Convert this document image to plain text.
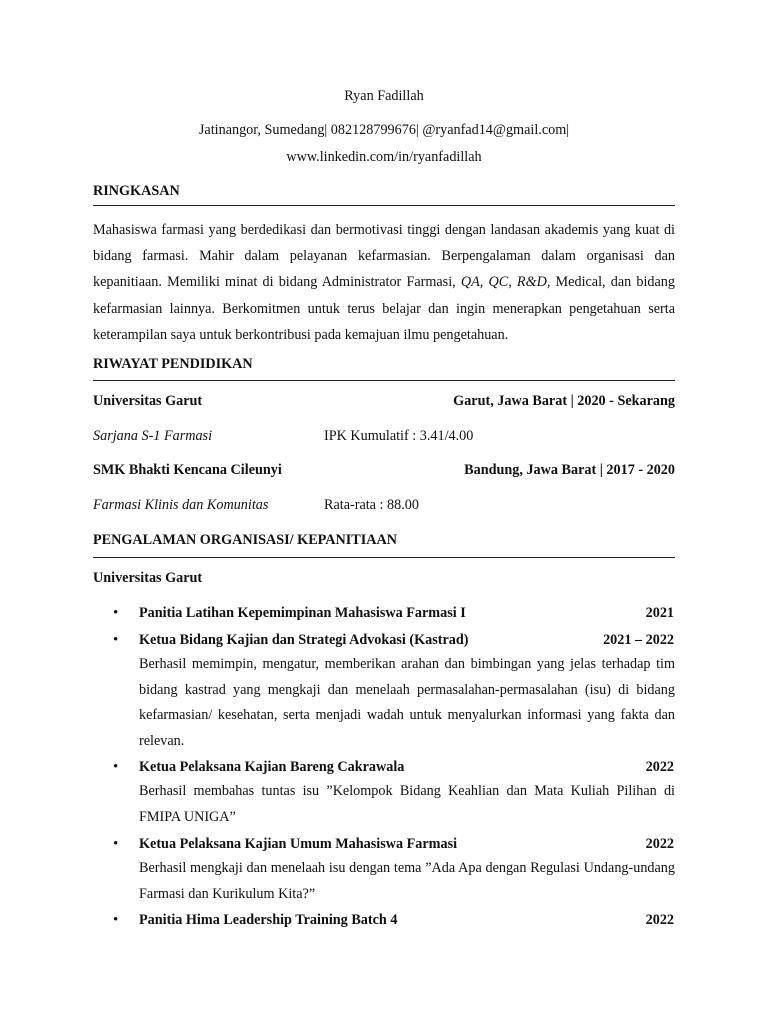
Ryan Fadillah
Jatinangor, Sumedang| 082128799676| @ryanfad14@gmail.com|
www.linkedin.com/in/ryanfadillah
RINGKASAN
Mahasiswa farmasi yang berdedikasi dan bermotivasi tinggi dengan landasan akademis yang kuat di bidang farmasi. Mahir dalam pelayanan kefarmasian. Berpengalaman dalam organisasi dan kepanitiaan. Memiliki minat di bidang Administrator Farmasi, QA, QC, R&D, Medical, dan bidang kefarmasian lainnya. Berkomitmen untuk terus belajar dan ingin menerapkan pengetahuan serta keterampilan saya untuk berkontribusi pada kemajuan ilmu pengetahuan.
RIWAYAT PENDIDIKAN
Universitas Garut	Garut, Jawa Barat | 2020 - Sekarang
Sarjana S-1 Farmasi	IPK Kumulatif : 3.41/4.00
SMK Bhakti Kencana Cileunyi	Bandung, Jawa Barat | 2017 - 2020
Farmasi Klinis dan Komunitas	Rata-rata : 88.00
PENGALAMAN ORGANISASI/ KEPANITIAAN
Universitas Garut
• Panitia Latihan Kepemimpinan Mahasiswa Farmasi I	2021
• Ketua Bidang Kajian dan Strategi Advokasi (Kastrad)	2021 – 2022
Berhasil memimpin, mengatur, memberikan arahan dan bimbingan yang jelas terhadap tim bidang kastrad yang mengkaji dan menelaah permasalahan-permasalahan (isu) di bidang kefarmasian/ kesehatan, serta menjadi wadah untuk menyalurkan informasi yang fakta dan relevan.
• Ketua Pelaksana Kajian Bareng Cakrawala	2022
Berhasil membahas tuntas isu ”Kelompok Bidang Keahlian dan Mata Kuliah Pilihan di FMIPA UNIGA”
• Ketua Pelaksana Kajian Umum Mahasiswa Farmasi	2022
Berhasil mengkaji dan menelaah isu dengan tema ”Ada Apa dengan Regulasi Undang-undang Farmasi dan Kurikulum Kita?”
• Panitia Hima Leadership Training Batch 4	2022
